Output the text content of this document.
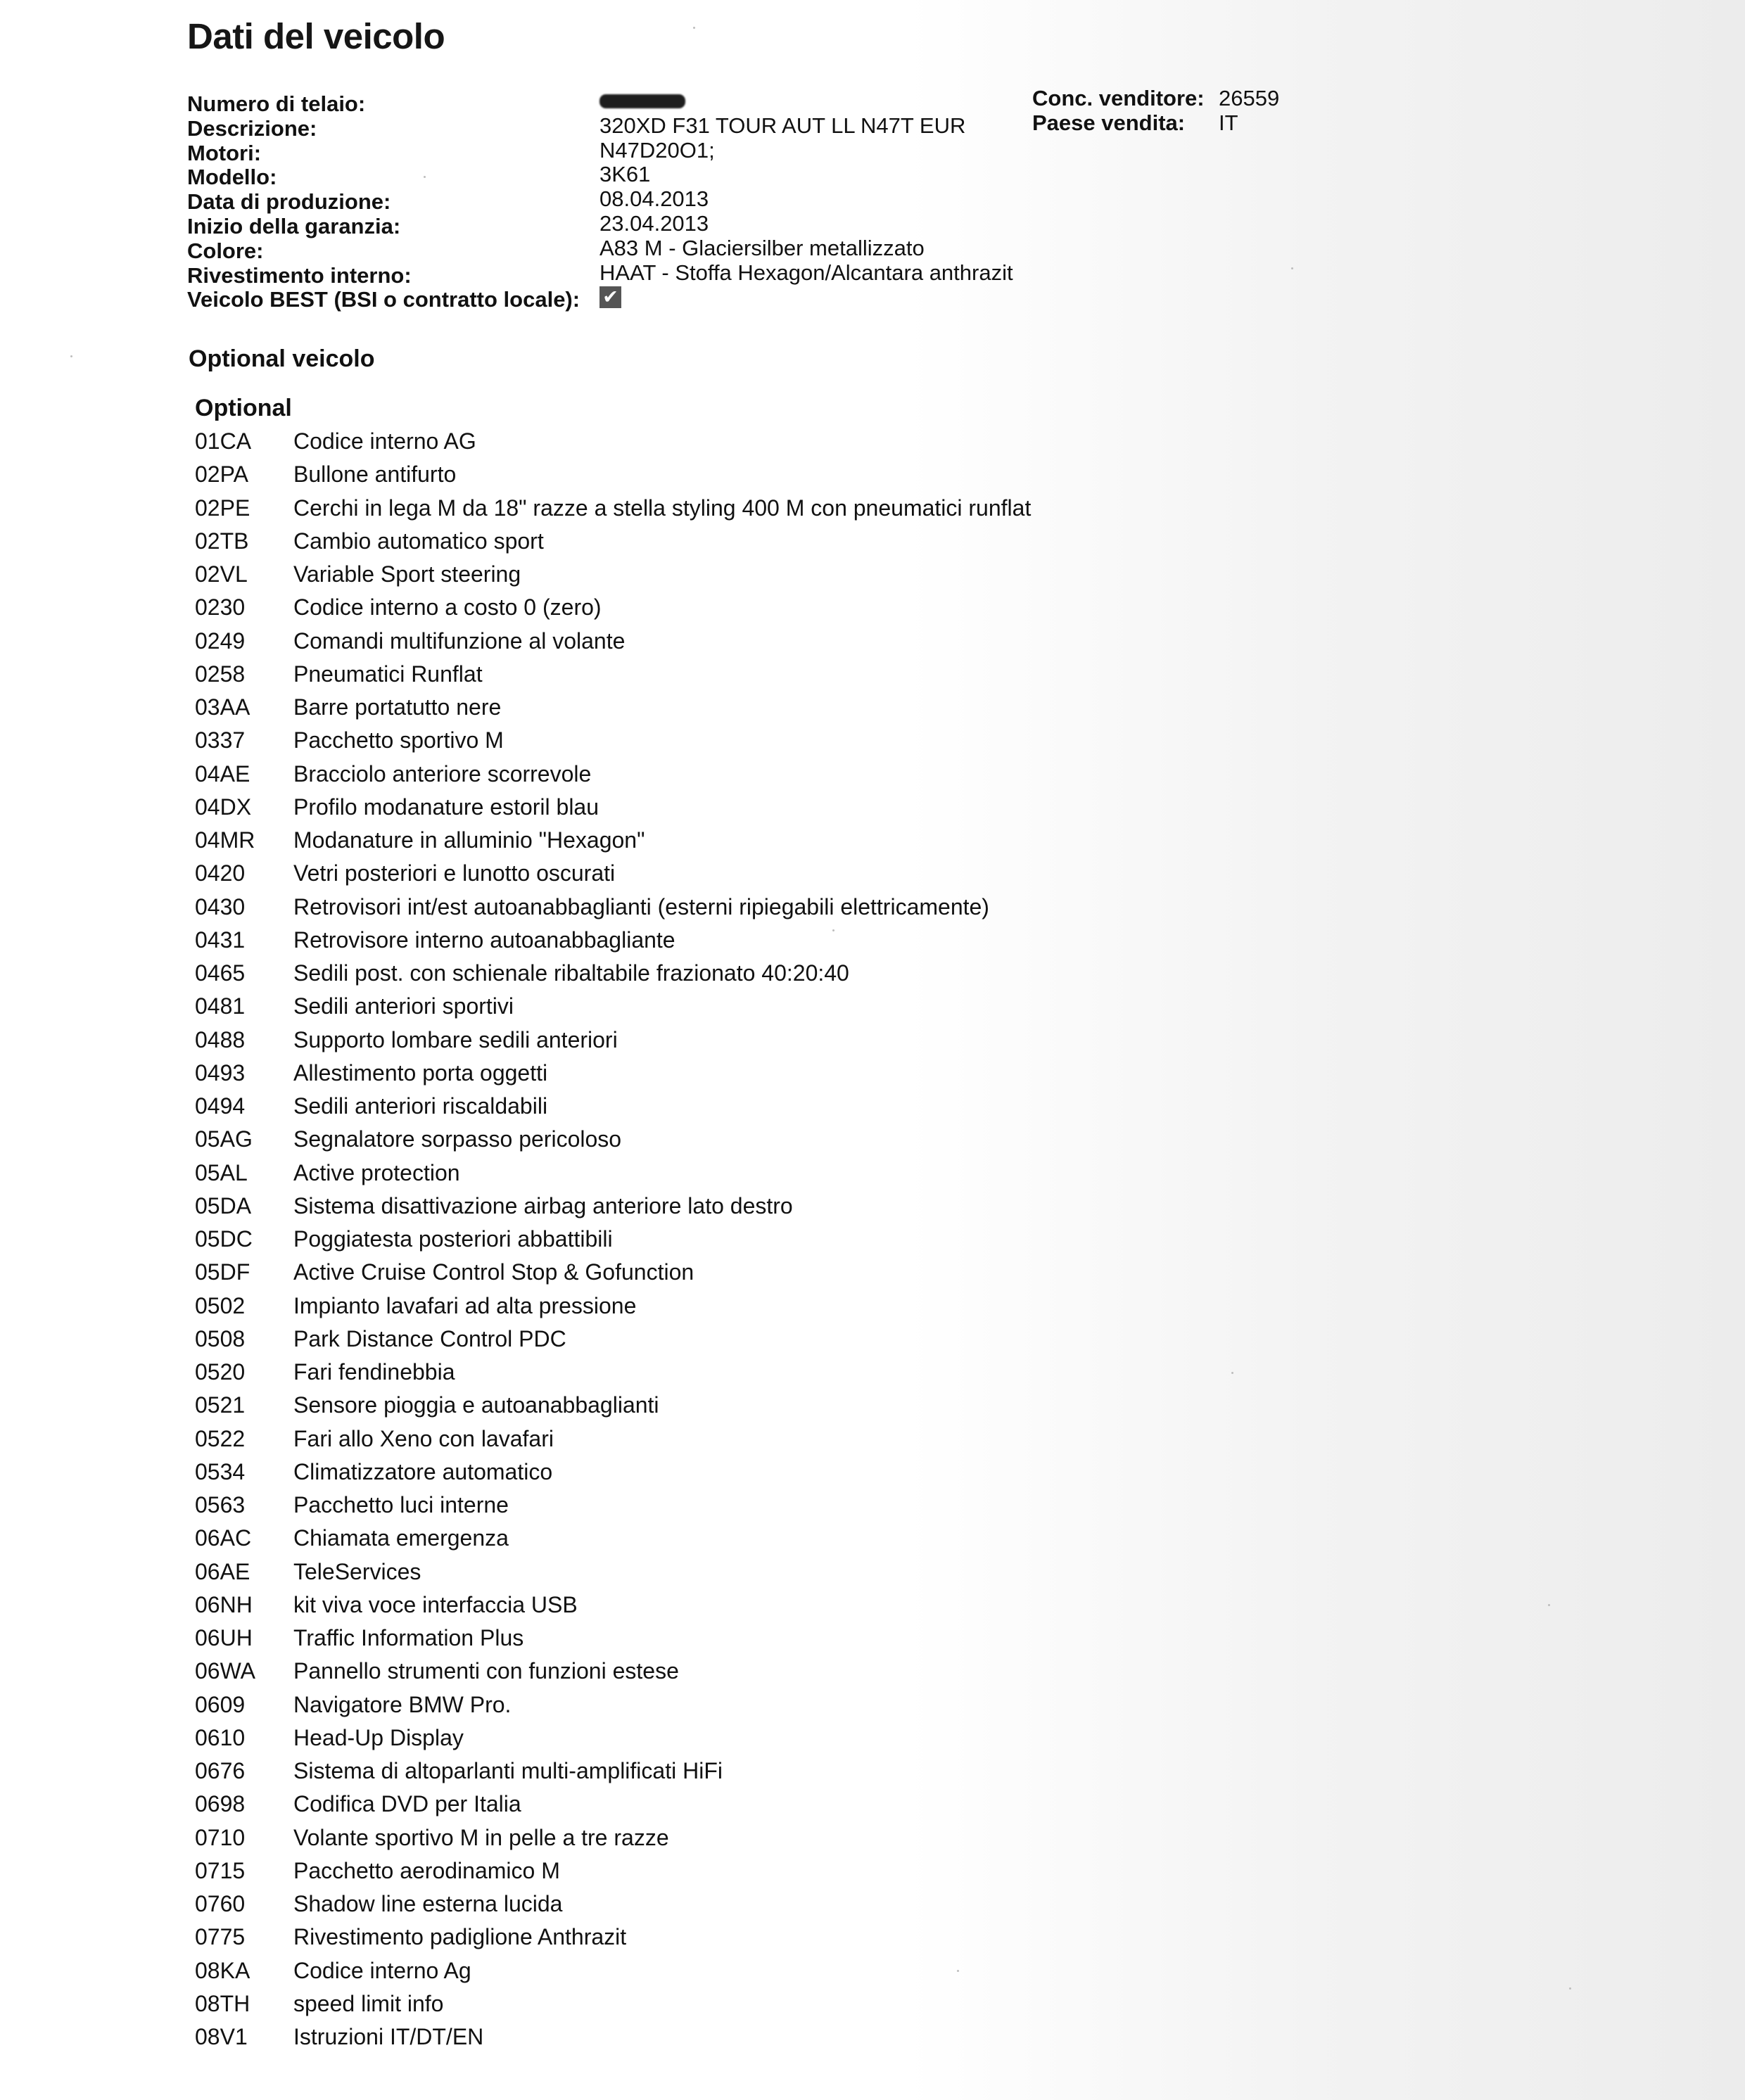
Dati del veicolo
Numero di telaio:
Descrizione:
Motori:
Modello:
Data di produzione:
Inizio della garanzia:
Colore:
Rivestimento interno:
Veicolo BEST (BSI o contratto locale):
320XD F31 TOUR AUT LL N47T EUR
N47D20O1;
3K61
08.04.2013
23.04.2013
A83 M - Glaciersilber metallizzato
HAAT - Stoffa Hexagon/Alcantara anthrazit
✔
Conc. venditore: 26559
Paese vendita: IT
Optional veicolo
Optional
01CA Codice interno AG
02PA Bullone antifurto
02PE Cerchi in lega M da 18" razze a stella styling 400 M con pneumatici runflat
02TB Cambio automatico sport
02VL Variable Sport steering
0230 Codice interno a costo 0 (zero)
0249 Comandi multifunzione al volante
0258 Pneumatici Runflat
03AA Barre portatutto nere
0337 Pacchetto sportivo M
04AE Bracciolo anteriore scorrevole
04DX Profilo modanature estoril blau
04MR Modanature in alluminio "Hexagon"
0420 Vetri posteriori e lunotto oscurati
0430 Retrovisori int/est autoanabbaglianti (esterni ripiegabili elettricamente)
0431 Retrovisore interno autoanabbagliante
0465 Sedili post. con schienale ribaltabile frazionato 40:20:40
0481 Sedili anteriori sportivi
0488 Supporto lombare sedili anteriori
0493 Allestimento porta oggetti
0494 Sedili anteriori riscaldabili
05AG Segnalatore sorpasso pericoloso
05AL Active protection
05DA Sistema disattivazione airbag anteriore lato destro
05DC Poggiatesta posteriori abbattibili
05DF Active Cruise Control Stop & Gofunction
0502 Impianto lavafari ad alta pressione
0508 Park Distance Control PDC
0520 Fari fendinebbia
0521 Sensore pioggia e autoanabbaglianti
0522 Fari allo Xeno con lavafari
0534 Climatizzatore automatico
0563 Pacchetto luci interne
06AC Chiamata emergenza
06AE TeleServices
06NH kit viva voce interfaccia USB
06UH Traffic Information Plus
06WA Pannello strumenti con funzioni estese
0609 Navigatore BMW Pro.
0610 Head-Up Display
0676 Sistema di altoparlanti multi-amplificati HiFi
0698 Codifica DVD per Italia
0710 Volante sportivo M in pelle a tre razze
0715 Pacchetto aerodinamico M
0760 Shadow line esterna lucida
0775 Rivestimento padiglione Anthrazit
08KA Codice interno Ag
08TH speed limit info
08V1 Istruzioni IT/DT/EN
